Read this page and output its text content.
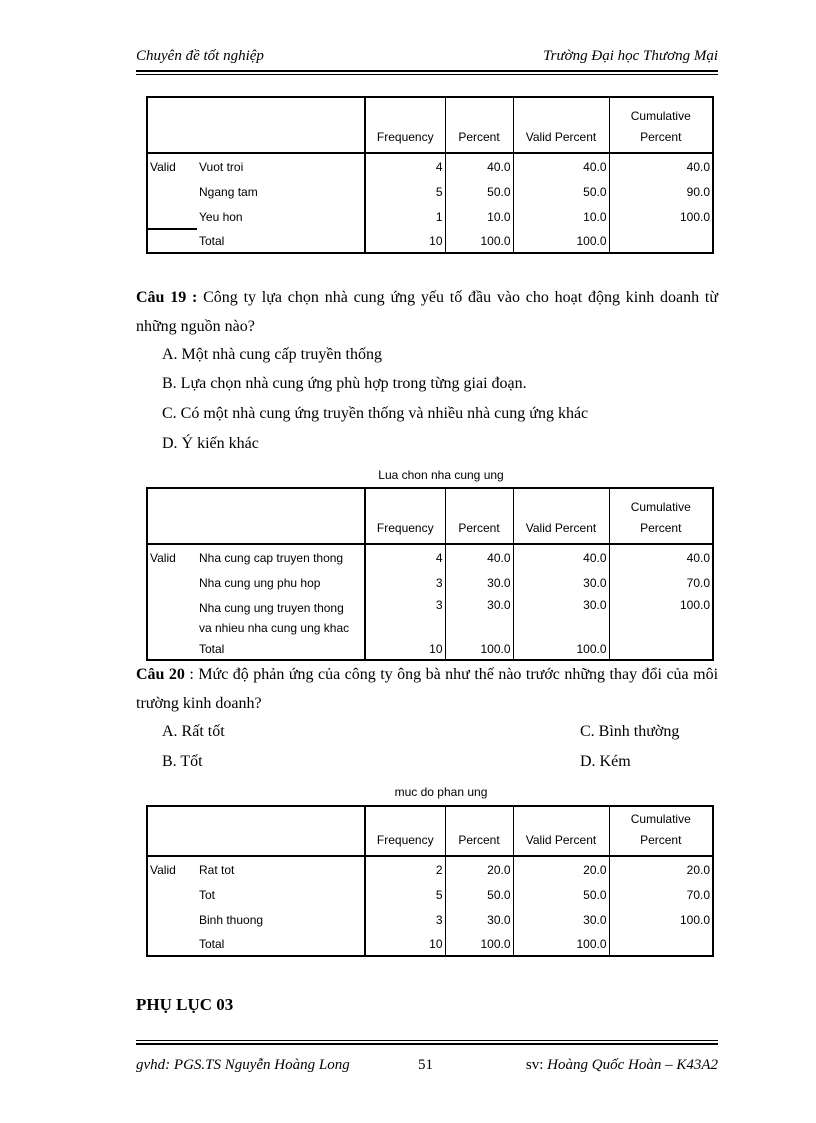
Chuyên đề tốt nghiệp	Trường Đại học Thương Mại
		Frequency	Percent	Valid Percent	Cumulative
Percent
Valid	Vuot troi	4	40.0	40.0	40.0
	Ngang tam	5	50.0	50.0	90.0
	Yeu hon	1	10.0	10.0	100.0
	Total	10	100.0	100.0	
Câu 19 : Công ty lựa chọn nhà cung ứng yếu tố đầu vào cho hoạt động kinh doanh từ những nguồn nào?
A. Một nhà cung cấp truyền thống
B. Lựa chọn nhà cung ứng phù hợp trong từng giai đoạn.
C. Có một nhà cung ứng truyền thống và nhiều nhà cung ứng khác
D. Ý kiến khác
Lua chon nha cung ung
		Frequency	Percent	Valid Percent	Cumulative
Percent
Valid	Nha cung cap truyen thong	4	40.0	40.0	40.0
	Nha cung ung phu hop	3	30.0	30.0	70.0
	Nha cung ung truyen thong
va nhieu nha cung ung khac	3	30.0	30.0	100.0
	Total	10	100.0	100.0	
Câu 20 : Mức độ phản ứng của công ty ông bà như thế nào trước những thay đổi của môi trường kinh doanh?
A. Rất tốt
B. Tốt
C. Bình thường
D. Kém
muc do phan ung
		Frequency	Percent	Valid Percent	Cumulative
Percent
Valid	Rat tot	2	20.0	20.0	20.0
	Tot	5	50.0	50.0	70.0
	Binh thuong	3	30.0	30.0	100.0
	Total	10	100.0	100.0	
PHỤ LỤC 03
gvhd: PGS.TS Nguyễn Hoàng Long	51	sv: Hoàng Quốc Hoàn – K43A2
